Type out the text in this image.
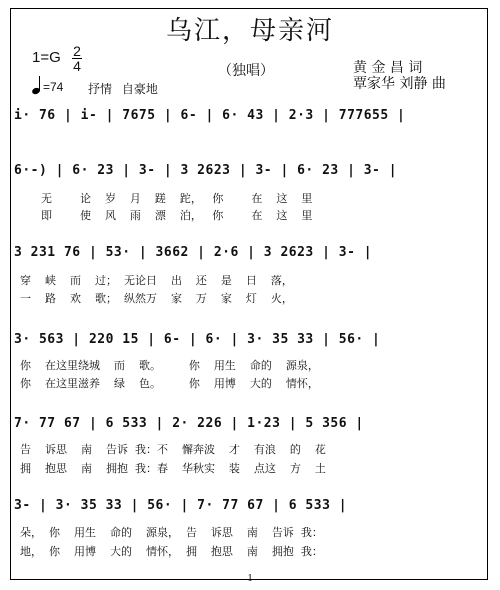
乌江，母亲河
（独唱）	黄 金 昌 词
覃家华 刘静 曲
1=G 2
4
=74 抒情 自豪地
i· 76 | i- | 7675 | 6- | 6· 43 | 2·3 | 777655 |
6·-) | 6· 23 | 3- | 3 2623 | 3- | 6· 23 | 3- |
无        论    岁    月    蹉    跎，   你        在    这    里
即        使    风    雨    漂    泊，   你        在    这    里
3 231 76 | 53· | 3662 | 2·6 | 3 2623 | 3- |
穿    峡    而    过；  无论日    出    还    是    日    落，
一    路    欢    歌；  纵然万    家    万    家    灯    火，
3· 563 | 220 15 | 6- | 6· | 3· 35 33 | 56· |
你    在这里绕城    而    歌。        你    用生    命的    源泉，
你    在这里滋养    绿    色。        你    用博    大的    情怀，
7· 77 67 | 6 533 | 2· 226 | 1·23 | 5 356 |
告    诉思    南    告诉  我：不    懈奔波    才    有浪    的    花
拥    抱思    南    拥抱  我：春    华秋实    装    点这    方    土
3- | 3· 35 33 | 56· | 7· 77 67 | 6 533 |
朵，  你    用生    命的    源泉，  告    诉思    南    告诉  我：
地，  你    用博    大的    情怀，  拥    抱思    南    拥抱  我：
1
